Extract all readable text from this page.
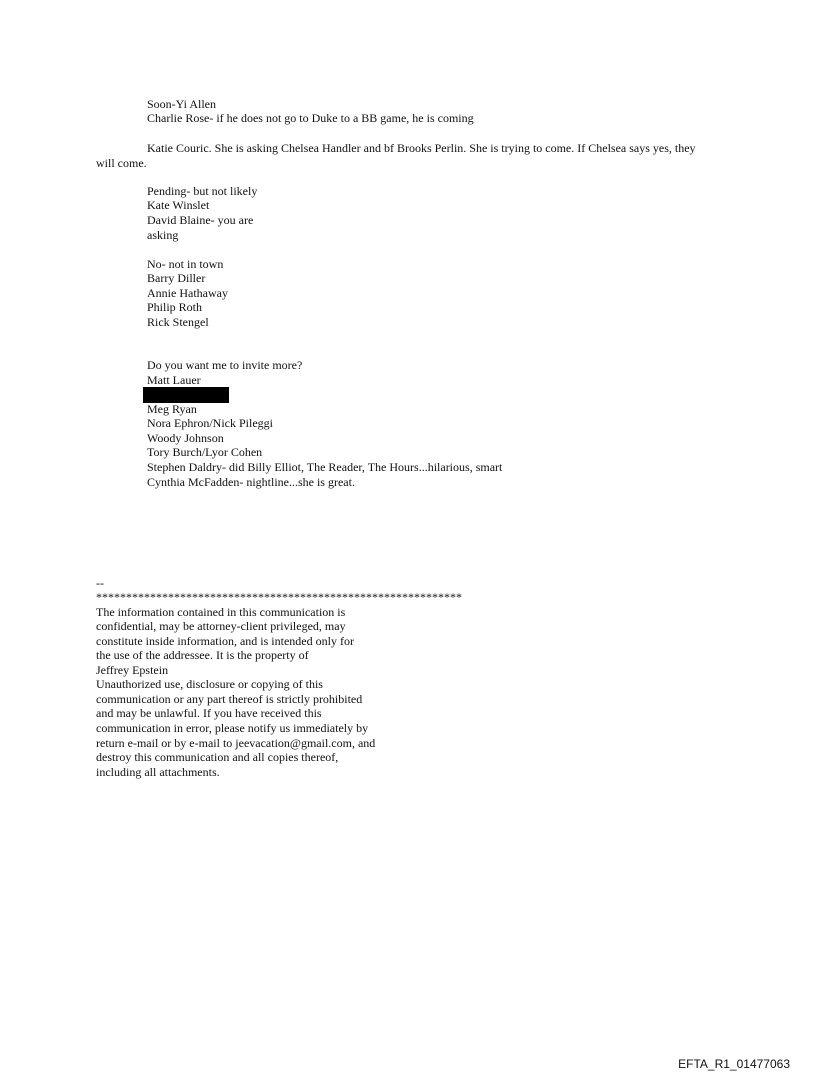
Soon-Yi Allen
Charlie Rose- if he does not go to Duke to a BB game, he is coming
Katie Couric. She is asking Chelsea Handler and bf Brooks Perlin. She is trying to come. If Chelsea says yes, they will come.
Pending- but not likely
Kate Winslet
David Blaine- you are
asking
No- not in town
Barry Diller
Annie Hathaway
Philip Roth
Rick Stengel
Do you want me to invite more?
Matt Lauer
Meg Ryan
Nora Ephron/Nick Pileggi
Woody Johnson
Tory Burch/Lyor Cohen
Stephen Daldry- did Billy Elliot, The Reader, The Hours...hilarious, smart
Cynthia McFadden- nightline...she is great.
--
*************************************************************
The information contained in this communication is
confidential, may be attorney-client privileged, may
constitute inside information, and is intended only for
the use of the addressee. It is the property of
Jeffrey Epstein
Unauthorized use, disclosure or copying of this
communication or any part thereof is strictly prohibited
and may be unlawful. If you have received this
communication in error, please notify us immediately by
return e-mail or by e-mail to jeevacation@gmail.com, and
destroy this communication and all copies thereof,
including all attachments.
EFTA_R1_01477063
